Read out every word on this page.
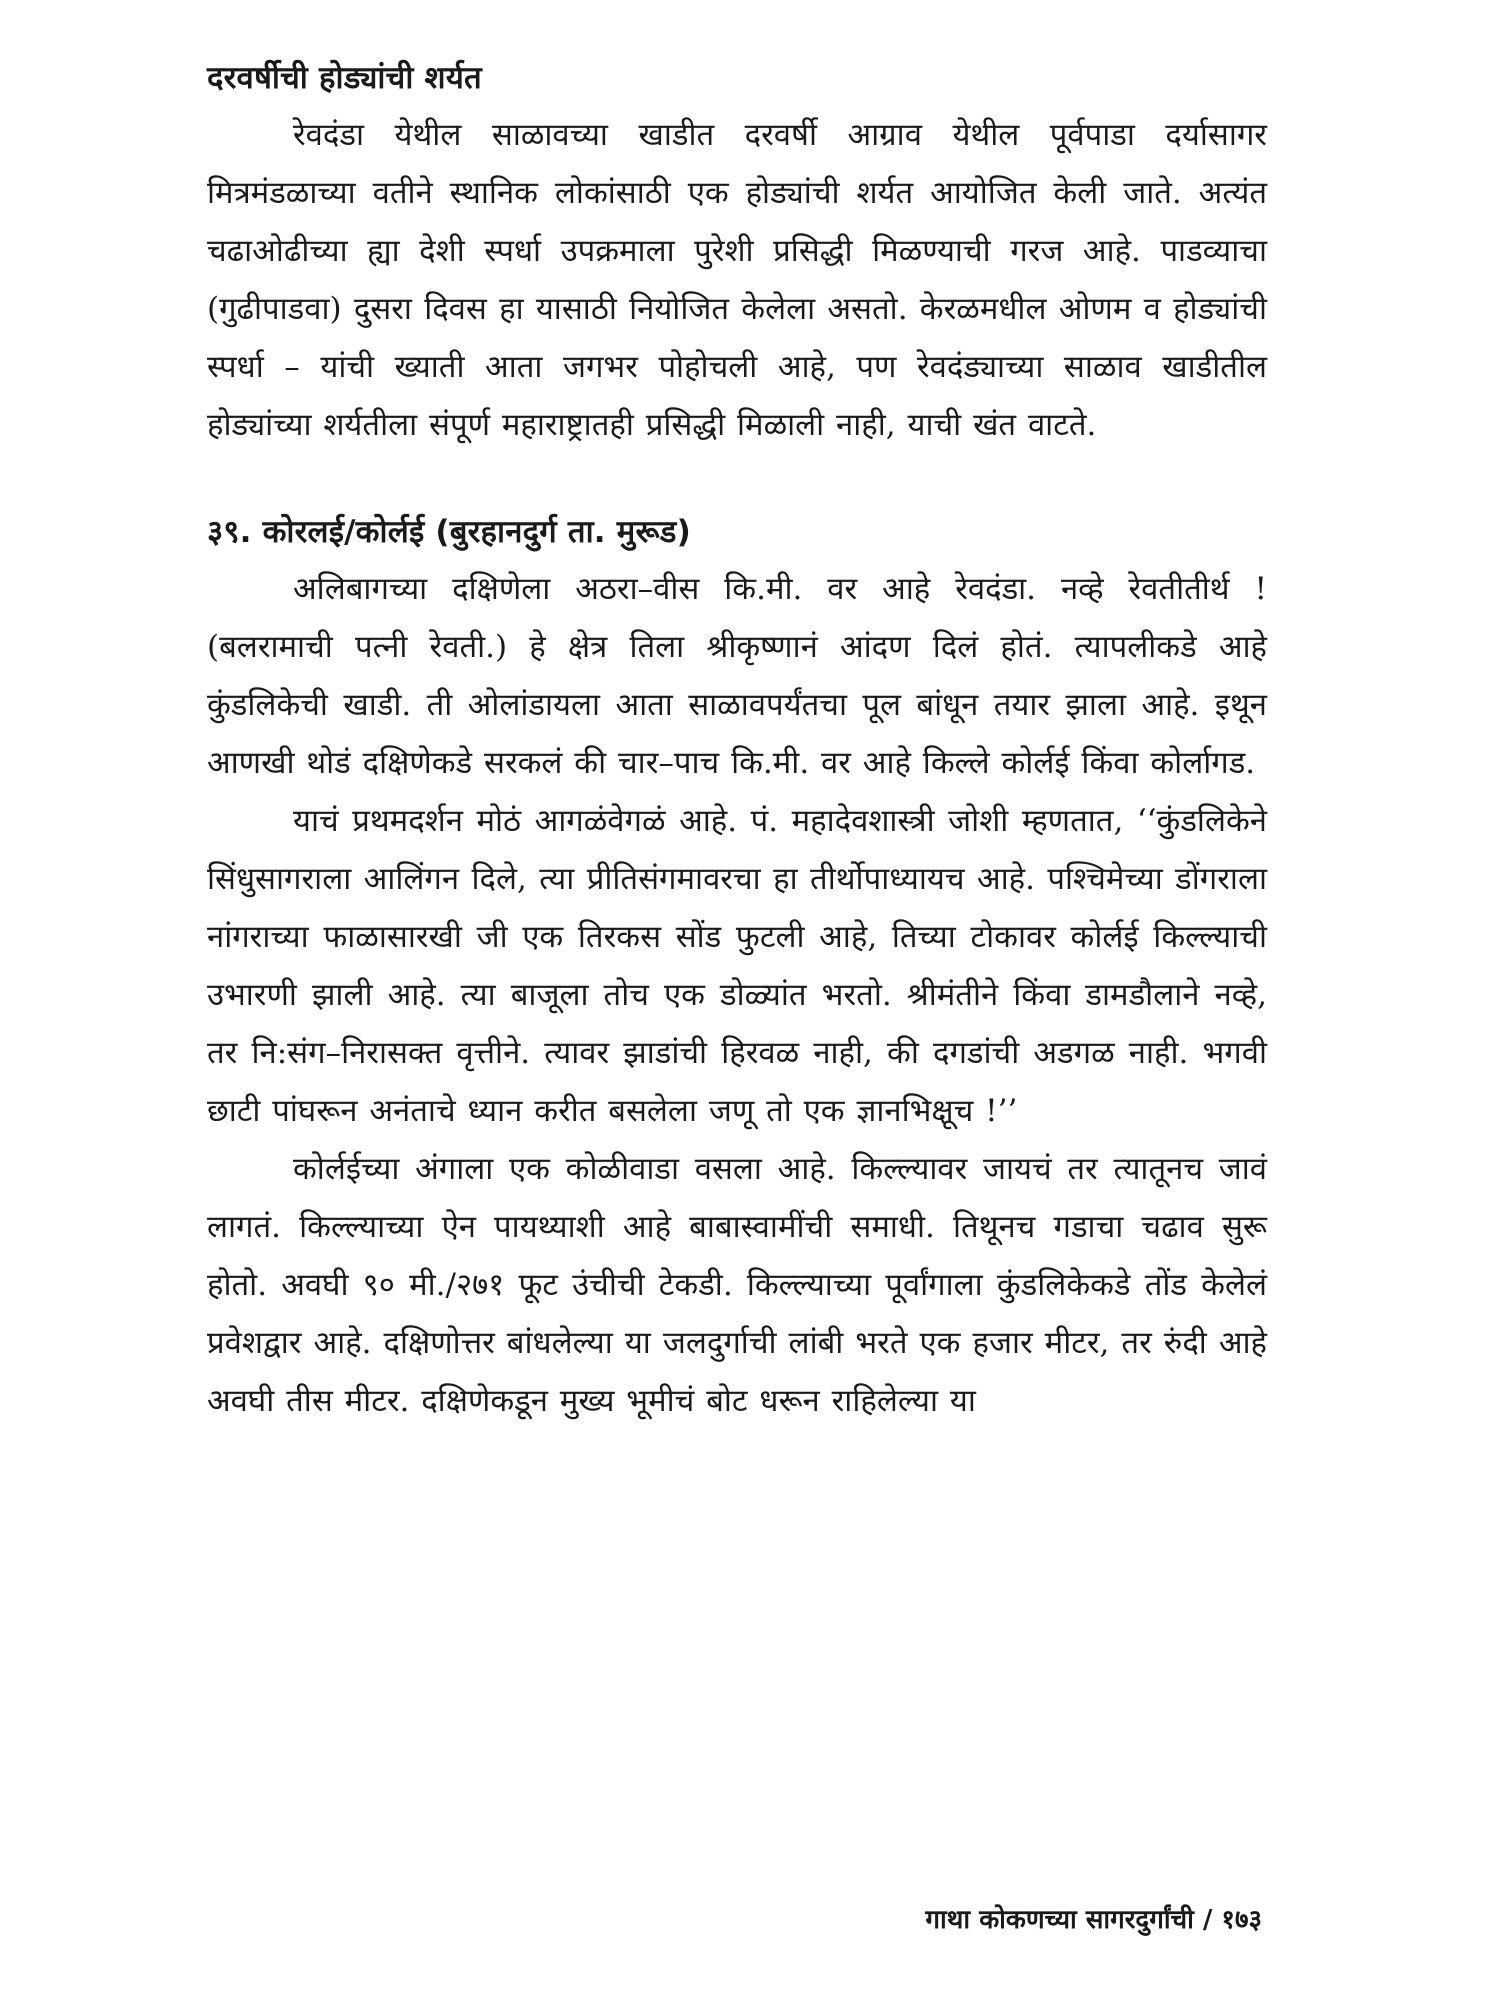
दरवर्षीची होड्यांची शर्यत

रेवदंडा येथील साळावच्या खाडीत दरवर्षी आग्राव येथील पूर्वपाडा दर्यासागर मित्रमंडळाच्या वतीने स्थानिक लोकांसाठी एक होड्यांची शर्यत आयोजित केली जाते. अत्यंत चढाओढीच्या ह्या देशी स्पर्धा उपक्रमाला पुरेशी प्रसिद्धी मिळण्याची गरज आहे. पाडव्याचा (गुढीपाडवा) दुसरा दिवस हा यासाठी नियोजित केलेला असतो. केरळमधील ओणम व होड्यांची स्पर्धा – यांची ख्याती आता जगभर पोहोचली आहे, पण रेवदंड्याच्या साळाव खाडीतील होड्यांच्या शर्यतीला संपूर्ण महाराष्ट्रातही प्रसिद्धी मिळाली नाही, याची खंत वाटते.

३९. कोरलई/कोर्लई (बुरहानदुर्ग ता. मुरूड)

अलिबागच्या दक्षिणेला अठरा–वीस कि.मी. वर आहे रेवदंडा. नव्हे रेवतीतीर्थ ! (बलरामाची पत्नी रेवती.) हे क्षेत्र तिला श्रीकृष्णानं आंदण दिलं होतं. त्यापलीकडे आहे कुंडलिकेची खाडी. ती ओलांडायला आता साळावपर्यंतचा पूल बांधून तयार झाला आहे. इथून आणखी थोडं दक्षिणेकडे सरकलं की चार–पाच कि.मी. वर आहे किल्ले कोर्लई किंवा कोर्लागड.

याचं प्रथमदर्शन मोठं आगळंवेगळं आहे. पं. महादेवशास्त्री जोशी म्हणतात, ‘‘कुंडलिकेने सिंधुसागराला आलिंगन दिले, त्या प्रीतिसंगमावरचा हा तीर्थोपाध्यायच आहे. पश्चिमेच्या डोंगराला नांगराच्या फाळासारखी जी एक तिरकस सोंड फुटली आहे, तिच्या टोकावर कोर्लई किल्ल्याची उभारणी झाली आहे. त्या बाजूला तोच एक डोळ्यांत भरतो. श्रीमंतीने किंवा डामडौलाने नव्हे, तर नि:संग–निरासक्त वृत्तीने. त्यावर झाडांची हिरवळ नाही, की दगडांची अडगळ नाही. भगवी छाटी पांघरून अनंताचे ध्यान करीत बसलेला जणू तो एक ज्ञानभिक्षूच !’’

कोर्लईच्या अंगाला एक कोळीवाडा वसला आहे. किल्ल्यावर जायचं तर त्यातूनच जावं लागतं. किल्ल्याच्या ऐन पायथ्याशी आहे बाबास्वामींची समाधी. तिथूनच गडाचा चढाव सुरू होतो. अवघी ९० मी./२७१ फूट उंचीची टेकडी. किल्ल्याच्या पूर्वांगाला कुंडलिकेकडे तोंड केलेलं प्रवेशद्वार आहे. दक्षिणोत्तर बांधलेल्या या जलदुर्गाची लांबी भरते एक हजार मीटर, तर रुंदी आहे अवघी तीस मीटर. दक्षिणेकडून मुख्य भूमीचं बोट धरून राहिलेल्या या

गाथा कोकणच्या सागरदुर्गांची / १७३
